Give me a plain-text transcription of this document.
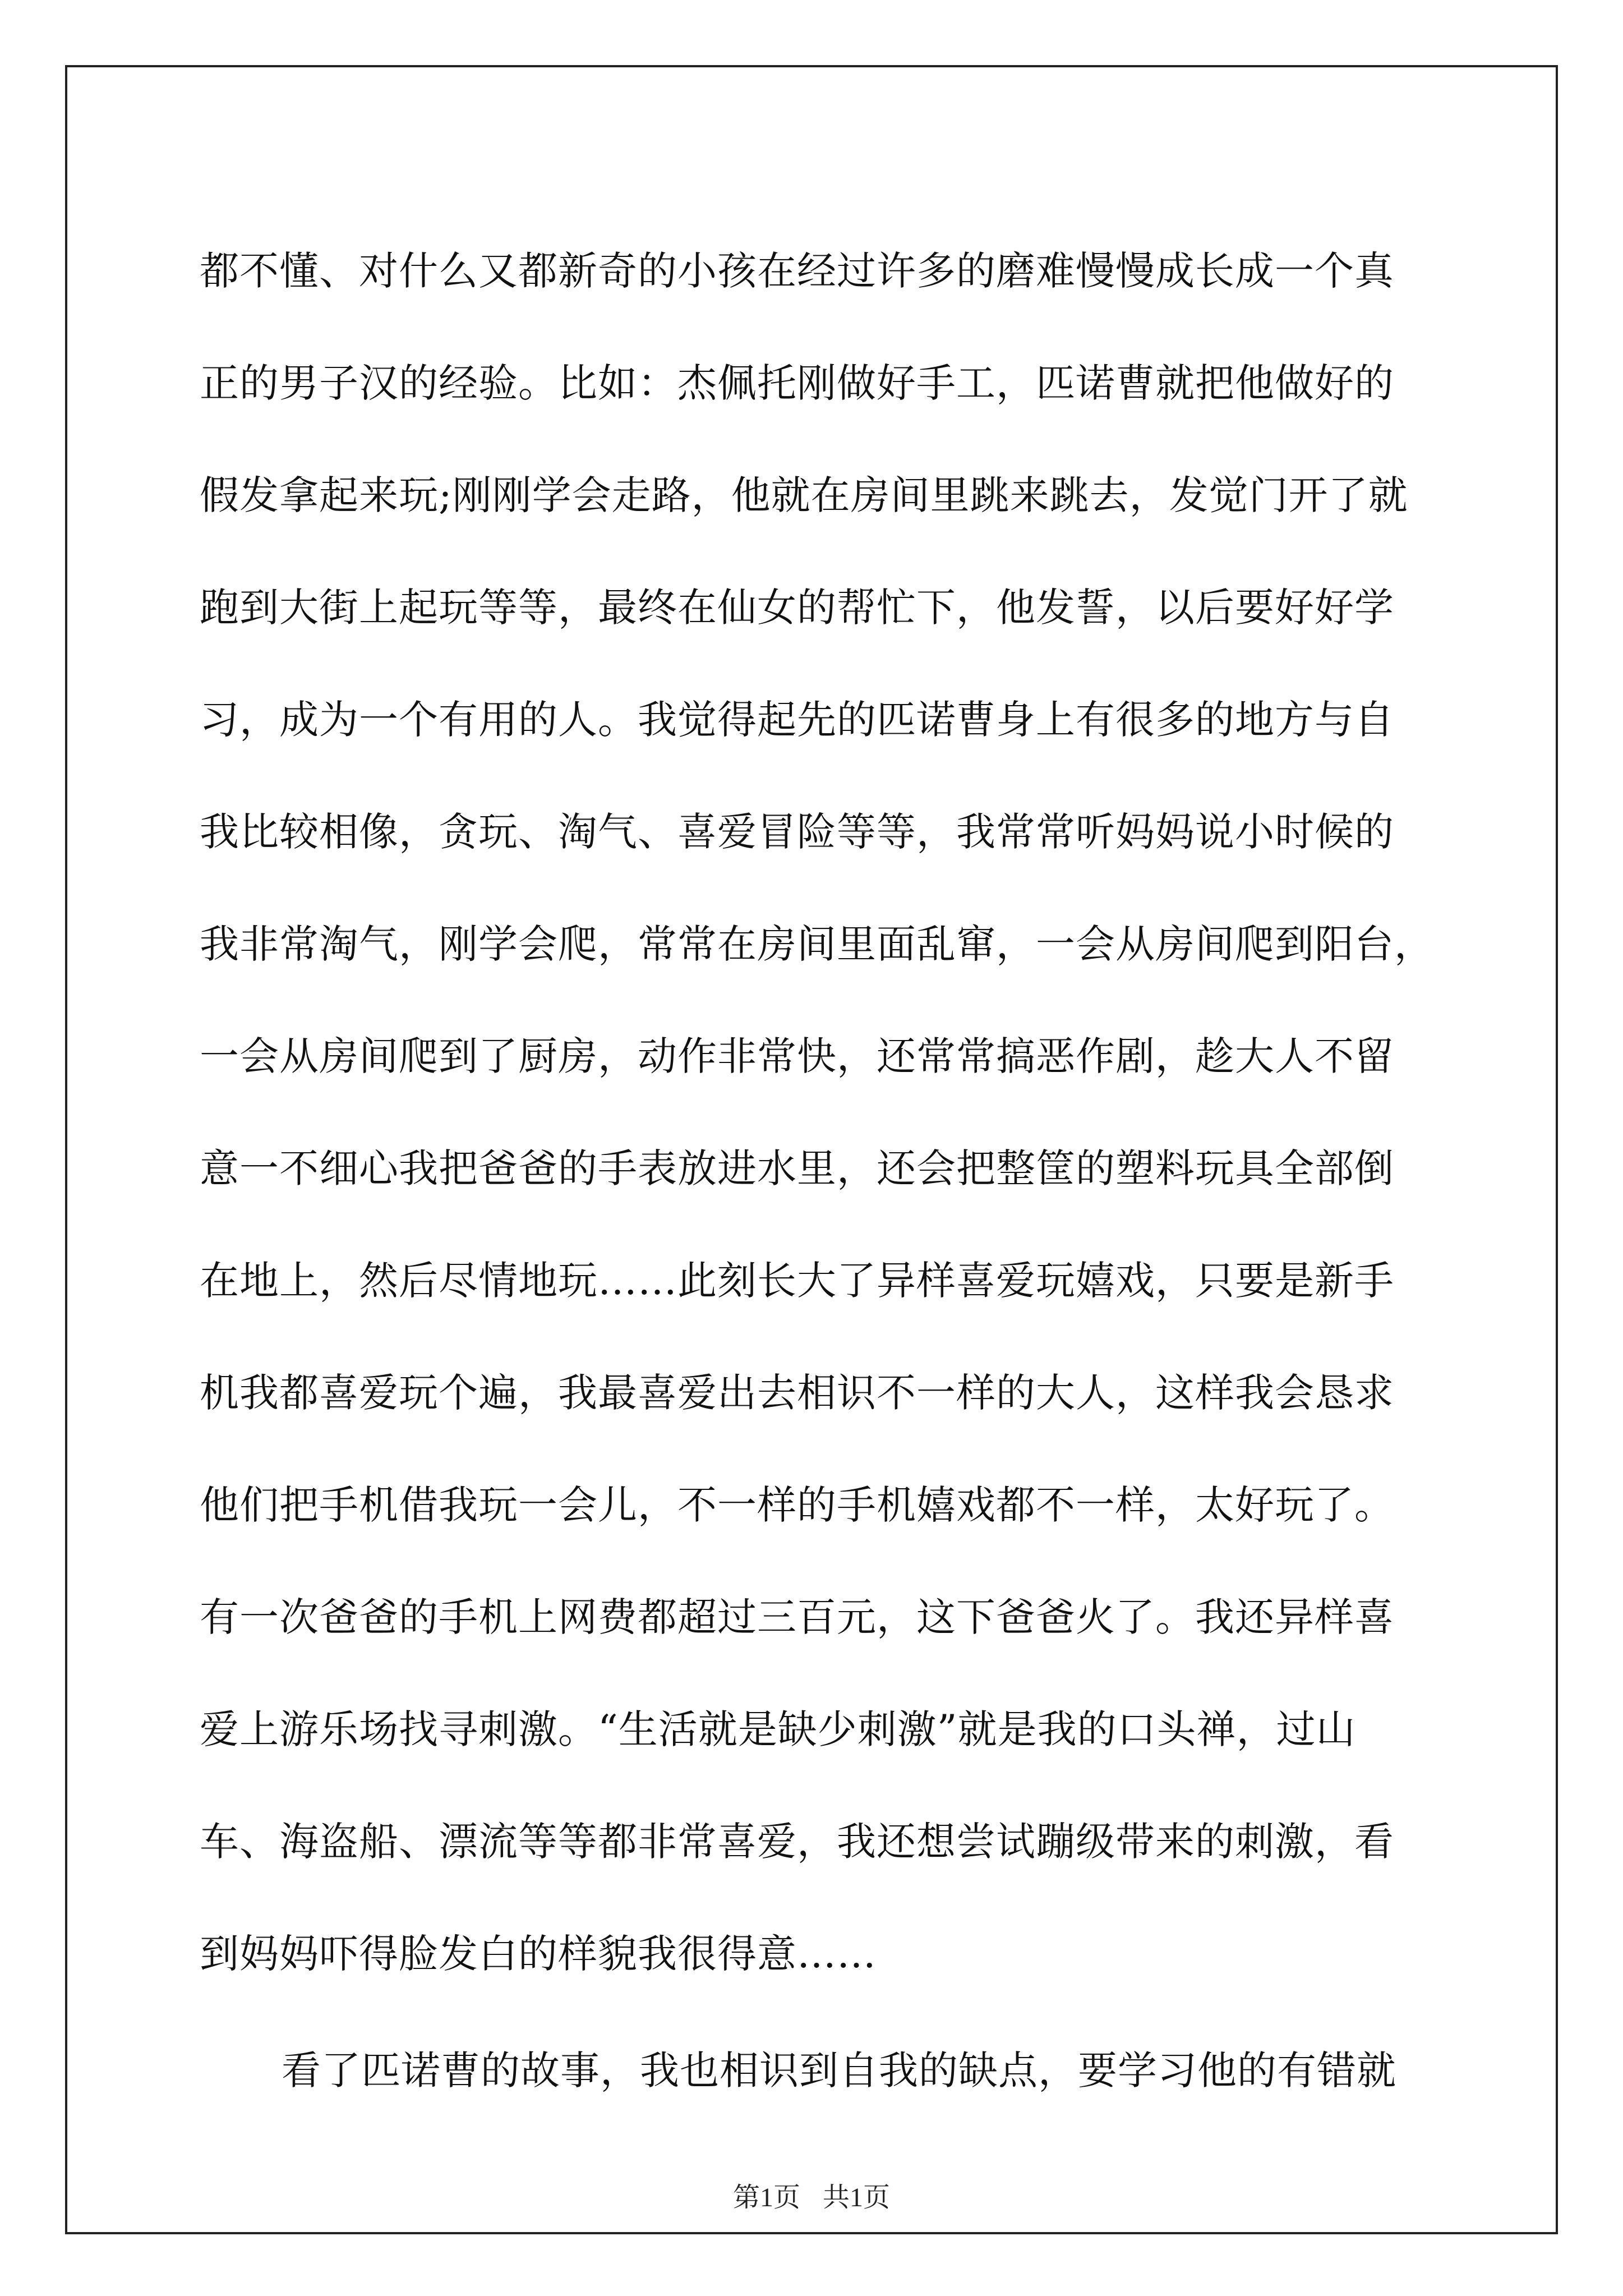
都不懂、对什么又都新奇的小孩在经过许多的磨难慢慢成长成一个真
正的男子汉的经验。比如：杰佩托刚做好手工，匹诺曹就把他做好的
假发拿起来玩;刚刚学会走路，他就在房间里跳来跳去，发觉门开了就
跑到大街上起玩等等，最终在仙女的帮忙下，他发誓，以后要好好学
习，成为一个有用的人。我觉得起先的匹诺曹身上有很多的地方与自
我比较相像，贪玩、淘气、喜爱冒险等等，我常常听妈妈说小时候的
我非常淘气，刚学会爬，常常在房间里面乱窜，一会从房间爬到阳台，
一会从房间爬到了厨房，动作非常快，还常常搞恶作剧，趁大人不留
意一不细心我把爸爸的手表放进水里，还会把整筐的塑料玩具全部倒
在地上，然后尽情地玩……此刻长大了异样喜爱玩嬉戏，只要是新手
机我都喜爱玩个遍，我最喜爱出去相识不一样的大人，这样我会恳求
他们把手机借我玩一会儿，不一样的手机嬉戏都不一样，太好玩了。
有一次爸爸的手机上网费都超过三百元，这下爸爸火了。我还异样喜
爱上游乐场找寻刺激。“生活就是缺少刺激”就是我的口头禅，过山
车、海盗船、漂流等等都非常喜爱，我还想尝试蹦级带来的刺激，看
到妈妈吓得脸发白的样貌我很得意……
看了匹诺曹的故事，我也相识到自我的缺点，要学习他的有错就
第1页 共1页
